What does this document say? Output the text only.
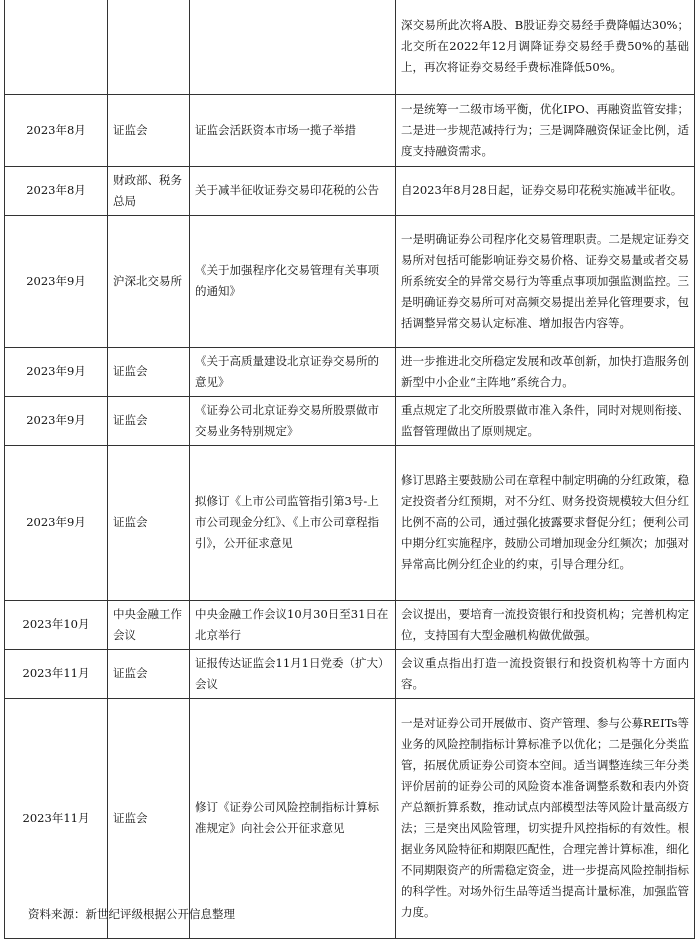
			深交易所此次将A股、B股证券交易经手费降幅达30%；北交所在2022年12月调降证券交易经手费50%的基础上，再次将证券交易经手费标准降低50%。
2023年8月	证监会	证监会活跃资本市场一揽子举措	一是统筹一二级市场平衡，优化IPO、再融资监管安排；二是进一步规范减持行为；三是调降融资保证金比例，适度支持融资需求。
2023年8月	财政部、税务总局	关于减半征收证券交易印花税的公告	自2023年8月28日起，证券交易印花税实施减半征收。
2023年9月	沪深北交易所	《关于加强程序化交易管理有关事项的通知》	一是明确证券公司程序化交易管理职责。二是规定证券交易所对包括可能影响证券交易价格、证券交易量或者交易所系统安全的异常交易行为等重点事项加强监测监控。三是明确证券交易所可对高频交易提出差异化管理要求，包括调整异常交易认定标准、增加报告内容等。
2023年9月	证监会	《关于高质量建设北京证券交易所的意见》	进一步推进北交所稳定发展和改革创新，加快打造服务创新型中小企业“主阵地”系统合力。
2023年9月	证监会	《证券公司北京证券交易所股票做市交易业务特别规定》	重点规定了北交所股票做市准入条件，同时对规则衔接、监督管理做出了原则规定。
2023年9月	证监会	拟修订《上市公司监管指引第3号-上市公司现金分红》、《上市公司章程指引》，公开征求意见	修订思路主要鼓励公司在章程中制定明确的分红政策，稳定投资者分红预期，对不分红、财务投资规模较大但分红比例不高的公司，通过强化披露要求督促分红；便利公司中期分红实施程序，鼓励公司增加现金分红频次；加强对异常高比例分红企业的约束，引导合理分红。
2023年10月	中央金融工作会议	中央金融工作会议10月30日至31日在北京举行	会议提出，要培育一流投资银行和投资机构；完善机构定位，支持国有大型金融机构做优做强。
2023年11月	证监会	证报传达证监会11月1日党委（扩大）会议	会议重点指出打造一流投资银行和投资机构等十方面内容。
2023年11月	证监会	修订《证券公司风险控制指标计算标准规定》向社会公开征求意见	一是对证券公司开展做市、资产管理、参与公募REITs等业务的风险控制指标计算标准予以优化；二是强化分类监管，拓展优质证券公司资本空间。适当调整连续三年分类评价居前的证券公司的风险资本准备调整系数和表内外资产总额折算系数，推动试点内部模型法等风险计量高级方法；三是突出风险管理，切实提升风控指标的有效性。根据业务风险特征和期限匹配性，合理完善计算标准，细化不同期限资产的所需稳定资金，进一步提高风险控制指标的科学性。对场外衍生品等适当提高计量标准，加强监管力度。
资料来源：新世纪评级根据公开信息整理
